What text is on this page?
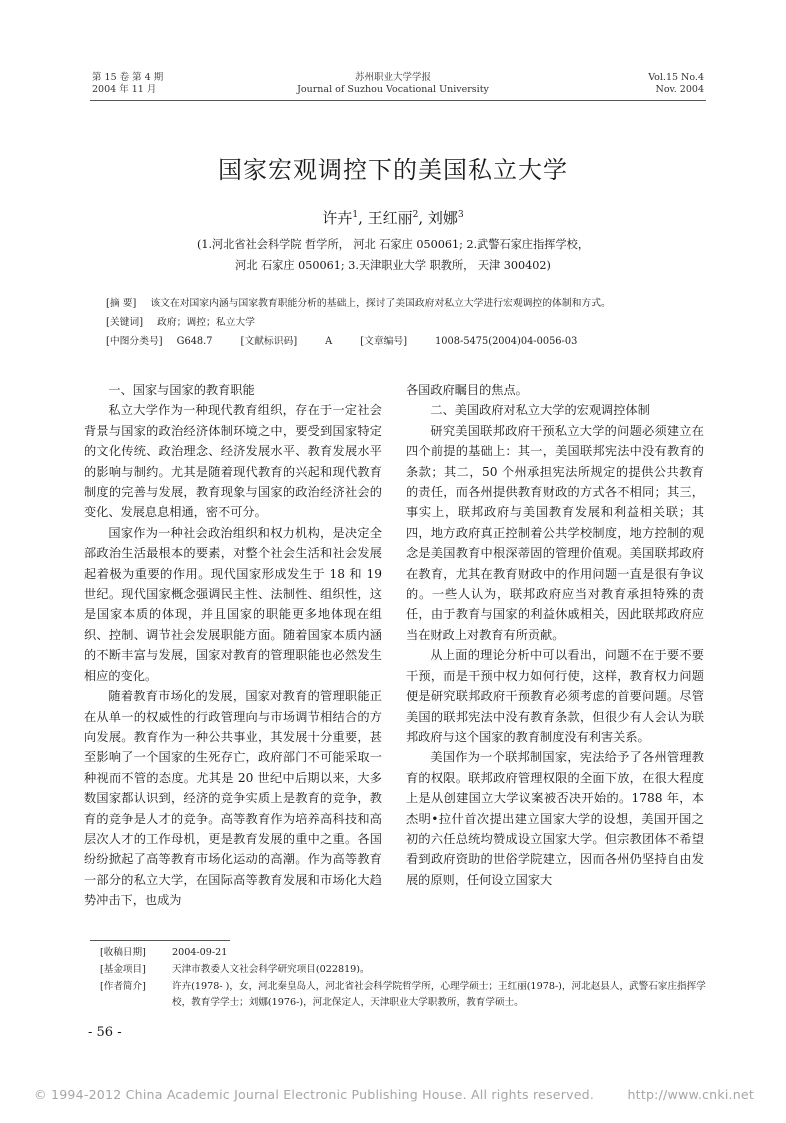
第 15 卷 第 4 期
2004 年 11 月
苏州职业大学学报
Journal of Suzhou Vocational University
Vol.15 No.4
Nov. 2004
国家宏观调控下的美国私立大学
许卉$^1$, 王红丽$^2$, 刘娜$^3$
(1.河北省社会科学院 哲学所， 河北 石家庄 050061; 2.武警石家庄指挥学校，
河北 石家庄 050061; 3.天津职业大学 职教所， 天津 300402)
[摘 要] 该文在对国家内涵与国家教育职能分析的基础上，探讨了美国政府对私立大学进行宏观调控的体制和方式。
[关键词] 政府；调控；私立大学
[中图分类号] G648.7	[文献标识码]	A	[文章编号]	1008-5475(2004)04-0056-03

一、国家与国家的教育职能

私立大学作为一种现代教育组织，存在于一定社会背景与国家的政治经济体制环境之中，要受到国家特定的文化传统、政治理念、经济发展水平、教育发展水平的影响与制约。尤其是随着现代教育的兴起和现代教育制度的完善与发展，教育现象与国家的政治经济社会的变化、发展息息相通，密不可分。

国家作为一种社会政治组织和权力机构，是决定全部政治生活最根本的要素，对整个社会生活和社会发展起着极为重要的作用。现代国家形成发生于 18 和 19 世纪。现代国家概念强调民主性、法制性、组织性，这是国家本质的体现，并且国家的职能更多地体现在组织、控制、调节社会发展职能方面。随着国家本质内涵的不断丰富与发展，国家对教育的管理职能也必然发生相应的变化。

随着教育市场化的发展，国家对教育的管理职能正在从单一的权威性的行政管理向与市场调节相结合的方向发展。教育作为一种公共事业，其发展十分重要，甚至影响了一个国家的生死存亡，政府部门不可能采取一种视而不管的态度。尤其是 20 世纪中后期以来，大多数国家都认识到，经济的竞争实质上是教育的竞争，教育的竞争是人才的竞争。高等教育作为培养高科技和高层次人才的工作母机，更是教育发展的重中之重。各国纷纷掀起了高等教育市场化运动的高潮。作为高等教育一部分的私立大学，在国际高等教育发展和市场化大趋势冲击下，也成为

各国政府瞩目的焦点。

二、美国政府对私立大学的宏观调控体制

研究美国联邦政府干预私立大学的问题必须建立在四个前提的基础上：其一，美国联邦宪法中没有教育的条款；其二，50 个州承担宪法所规定的提供公共教育的责任，而各州提供教育财政的方式各不相同；其三，事实上，联邦政府与美国教育发展和利益相关联；其四，地方政府真正控制着公共学校制度，地方控制的观念是美国教育中根深蒂固的管理价值观。美国联邦政府在教育，尤其在教育财政中的作用问题一直是很有争议的。一些人认为，联邦政府应当对教育承担特殊的责任，由于教育与国家的利益休戚相关，因此联邦政府应当在财政上对教育有所贡献。

从上面的理论分析中可以看出，问题不在于要不要干预，而是干预中权力如何行使，这样，教育权力问题便是研究联邦政府干预教育必须考虑的首要问题。尽管美国的联邦宪法中没有教育条款，但很少有人会认为联邦政府与这个国家的教育制度没有利害关系。

美国作为一个联邦制国家，宪法给予了各州管理教育的权限。联邦政府管理权限的全面下放，在很大程度上是从创建国立大学议案被否决开始的。1788 年，本杰明•拉什首次提出建立国家大学的设想，美国开国之初的六任总统均赞成设立国家大学。但宗教团体不希望看到政府资助的世俗学院建立，因而各州仍坚持自由发展的原则，任何设立国家大

[收稿日期]	2004-09-21
[基金项目]	天津市教委人文社会科学研究项目(022819)。
[作者简介]	许卉(1978- )，女，河北秦皇岛人，河北省社会科学院哲学所，心理学硕士；王红丽(1978-)，河北赵县人，武警石家庄指挥学校，教育学学士；刘娜(1976-)，河北保定人，天津职业大学职教所，教育学硕士。
- 56 -
© 1994-2012 China Academic Journal Electronic Publishing House. All rights reserved.	http://www.cnki.net
